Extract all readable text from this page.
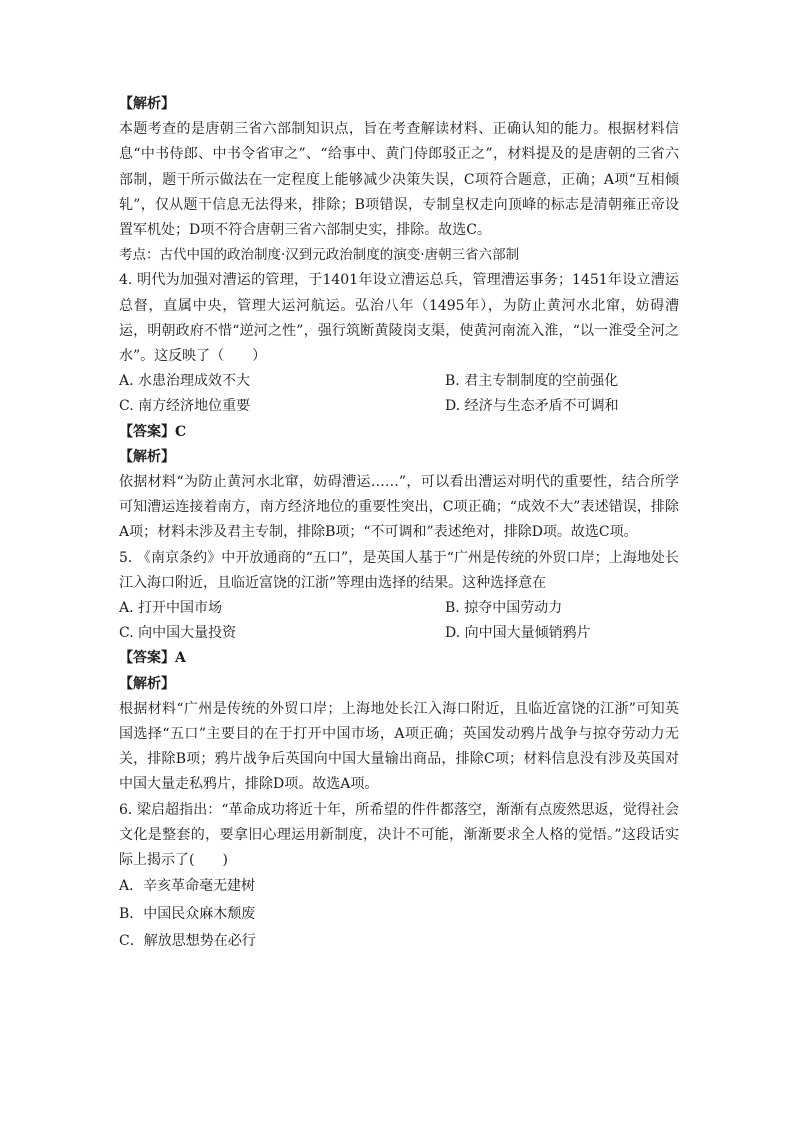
【解析】

本题考查的是唐朝三省六部制知识点，旨在考查解读材料、正确认知的能力。根据材料信息“中书侍郎、中书令省审之”、“给事中、黄门侍郎驳正之”，材料提及的是唐朝的三省六部制，题干所示做法在一定程度上能够减少决策失误，C项符合题意，正确；A项“互相倾轧”，仅从题干信息无法得来，排除；B项错误，专制皇权走向顶峰的标志是清朝雍正帝设置军机处；D项不符合唐朝三省六部制史实，排除。故选C。

考点：古代中国的政治制度·汉到元政治制度的演变·唐朝三省六部制

4. 明代为加强对漕运的管理，于1401年设立漕运总兵，管理漕运事务；1451年设立漕运总督，直属中央，管理大运河航运。弘治八年（1495年），为防止黄河水北窜，妨碍漕运，明朝政府不惜“逆河之性”，强行筑断黄陵岗支渠，使黄河南流入淮，“以一淮受全河之水”。这反映了（　　）

A. 水患治理成效不大	B. 君主专制制度的空前强化

C. 南方经济地位重要	D. 经济与生态矛盾不可调和

【答案】C

【解析】

依据材料“为防止黄河水北窜，妨碍漕运……”，可以看出漕运对明代的重要性，结合所学可知漕运连接着南方，南方经济地位的重要性突出，C项正确；“成效不大”表述错误，排除A项；材料未涉及君主专制，排除B项；“不可调和”表述绝对，排除D项。故选C项。

5. 《南京条约》中开放通商的“五口”，是英国人基于“广州是传统的外贸口岸；上海地处长江入海口附近，且临近富饶的江浙”等理由选择的结果。这种选择意在

A. 打开中国市场	B. 掠夺中国劳动力

C. 向中国大量投资	D. 向中国大量倾销鸦片

【答案】A

【解析】

根据材料“广州是传统的外贸口岸；上海地处长江入海口附近，且临近富饶的江浙”可知英国选择“五口”主要目的在于打开中国市场，A项正确；英国发动鸦片战争与掠夺劳动力无关，排除B项；鸦片战争后英国向中国大量输出商品，排除C项；材料信息没有涉及英国对中国大量走私鸦片，排除D项。故选A项。

6. 梁启超指出：“革命成功将近十年，所希望的件件都落空，渐渐有点废然思返，觉得社会文化是整套的，要拿旧心理运用新制度，决计不可能，渐渐要求全人格的觉悟。”这段话实际上揭示了(　　)

A．辛亥革命毫无建树

B．中国民众麻木颓废

C．解放思想势在必行
